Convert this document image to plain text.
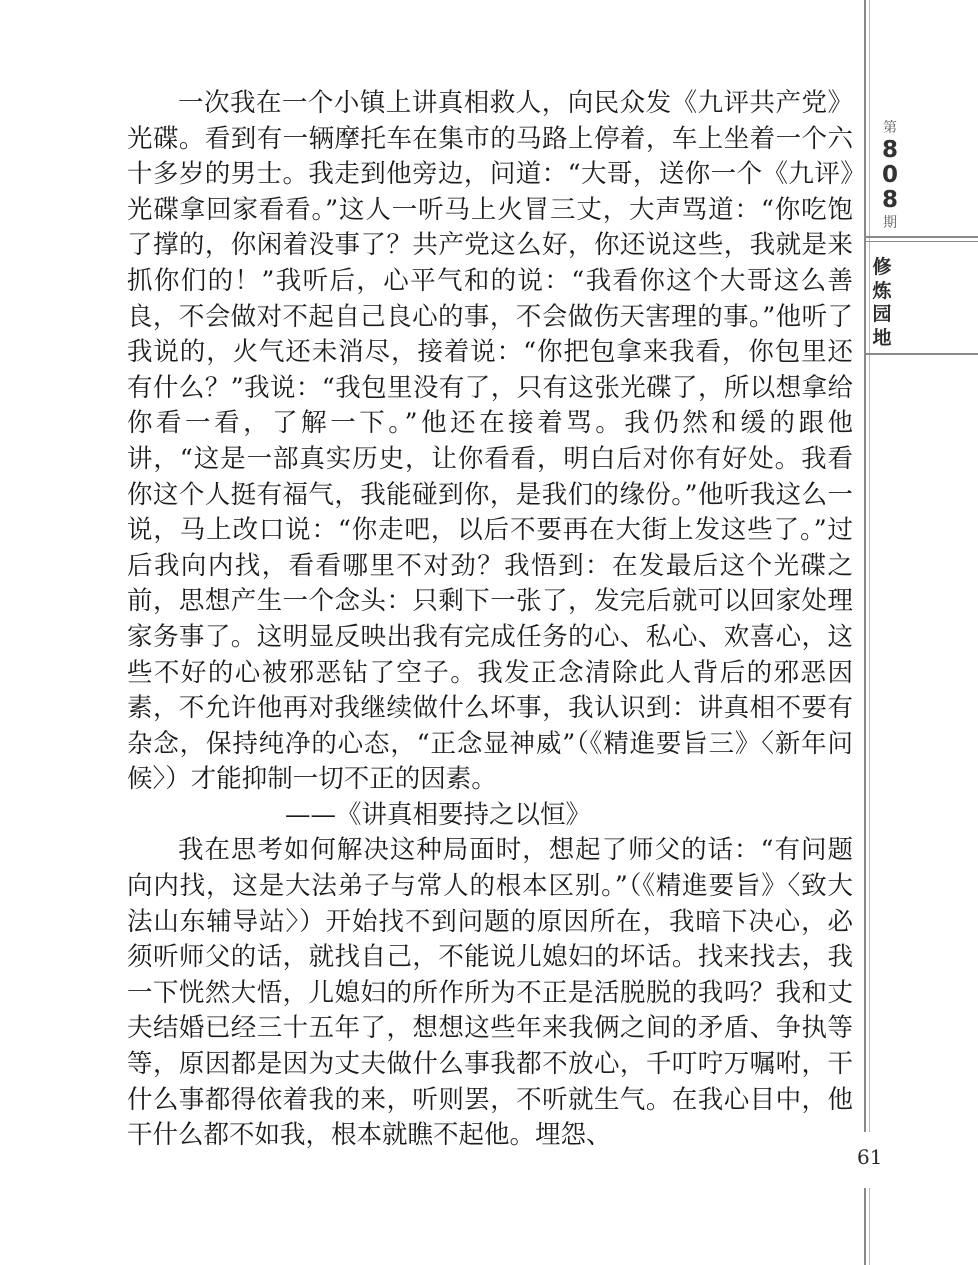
一次我在一个小镇上讲真相救人，向民众发《九评共产党》光碟。看到有一辆摩托车在集市的马路上停着，车上坐着一个六十多岁的男士。我走到他旁边，问道：“大哥，送你一个《九评》光碟拿回家看看。”这人一听马上火冒三丈，大声骂道：“你吃饱了撑的，你闲着没事了？共产党这么好，你还说这些，我就是来抓你们的！”我听后，心平气和的说：“我看你这个大哥这么善良，不会做对不起自己良心的事，不会做伤天害理的事。”他听了我说的，火气还未消尽，接着说：“你把包拿来我看，你包里还有什么？”我说：“我包里没有了，只有这张光碟了，所以想拿给你看一看，了解一下。”他还在接着骂。我仍然和缓的跟他讲，“这是一部真实历史，让你看看，明白后对你有好处。我看你这个人挺有福气，我能碰到你，是我们的缘份。”他听我这么一说，马上改口说：“你走吧，以后不要再在大街上发这些了。”过后我向内找，看看哪里不对劲？我悟到：在发最后这个光碟之前，思想产生一个念头：只剩下一张了，发完后就可以回家处理家务事了。这明显反映出我有完成任务的心、私心、欢喜心，这些不好的心被邪恶钻了空子。我发正念清除此人背后的邪恶因素，不允许他再对我继续做什么坏事，我认识到：讲真相不要有杂念，保持纯净的心态，“正念显神威”（《精進要旨三》〈新年问候〉）才能抑制一切不正的因素。

——《讲真相要持之以恒》

我在思考如何解决这种局面时，想起了师父的话：“有问题向内找，这是大法弟子与常人的根本区别。”（《精進要旨》〈致大法山东辅导站〉）开始找不到问题的原因所在，我暗下决心，必须听师父的话，就找自己，不能说儿媳妇的坏话。找来找去，我一下恍然大悟，儿媳妇的所作所为不正是活脱脱的我吗？我和丈夫结婚已经三十五年了，想想这些年来我俩之间的矛盾、争执等等，原因都是因为丈夫做什么事我都不放心，千叮咛万嘱咐，干什么事都得依着我的来，听则罢，不听就生气。在我心目中，他干什么都不如我，根本就瞧不起他。埋怨、

第
8
0
8
期
修
炼
园
地
61
